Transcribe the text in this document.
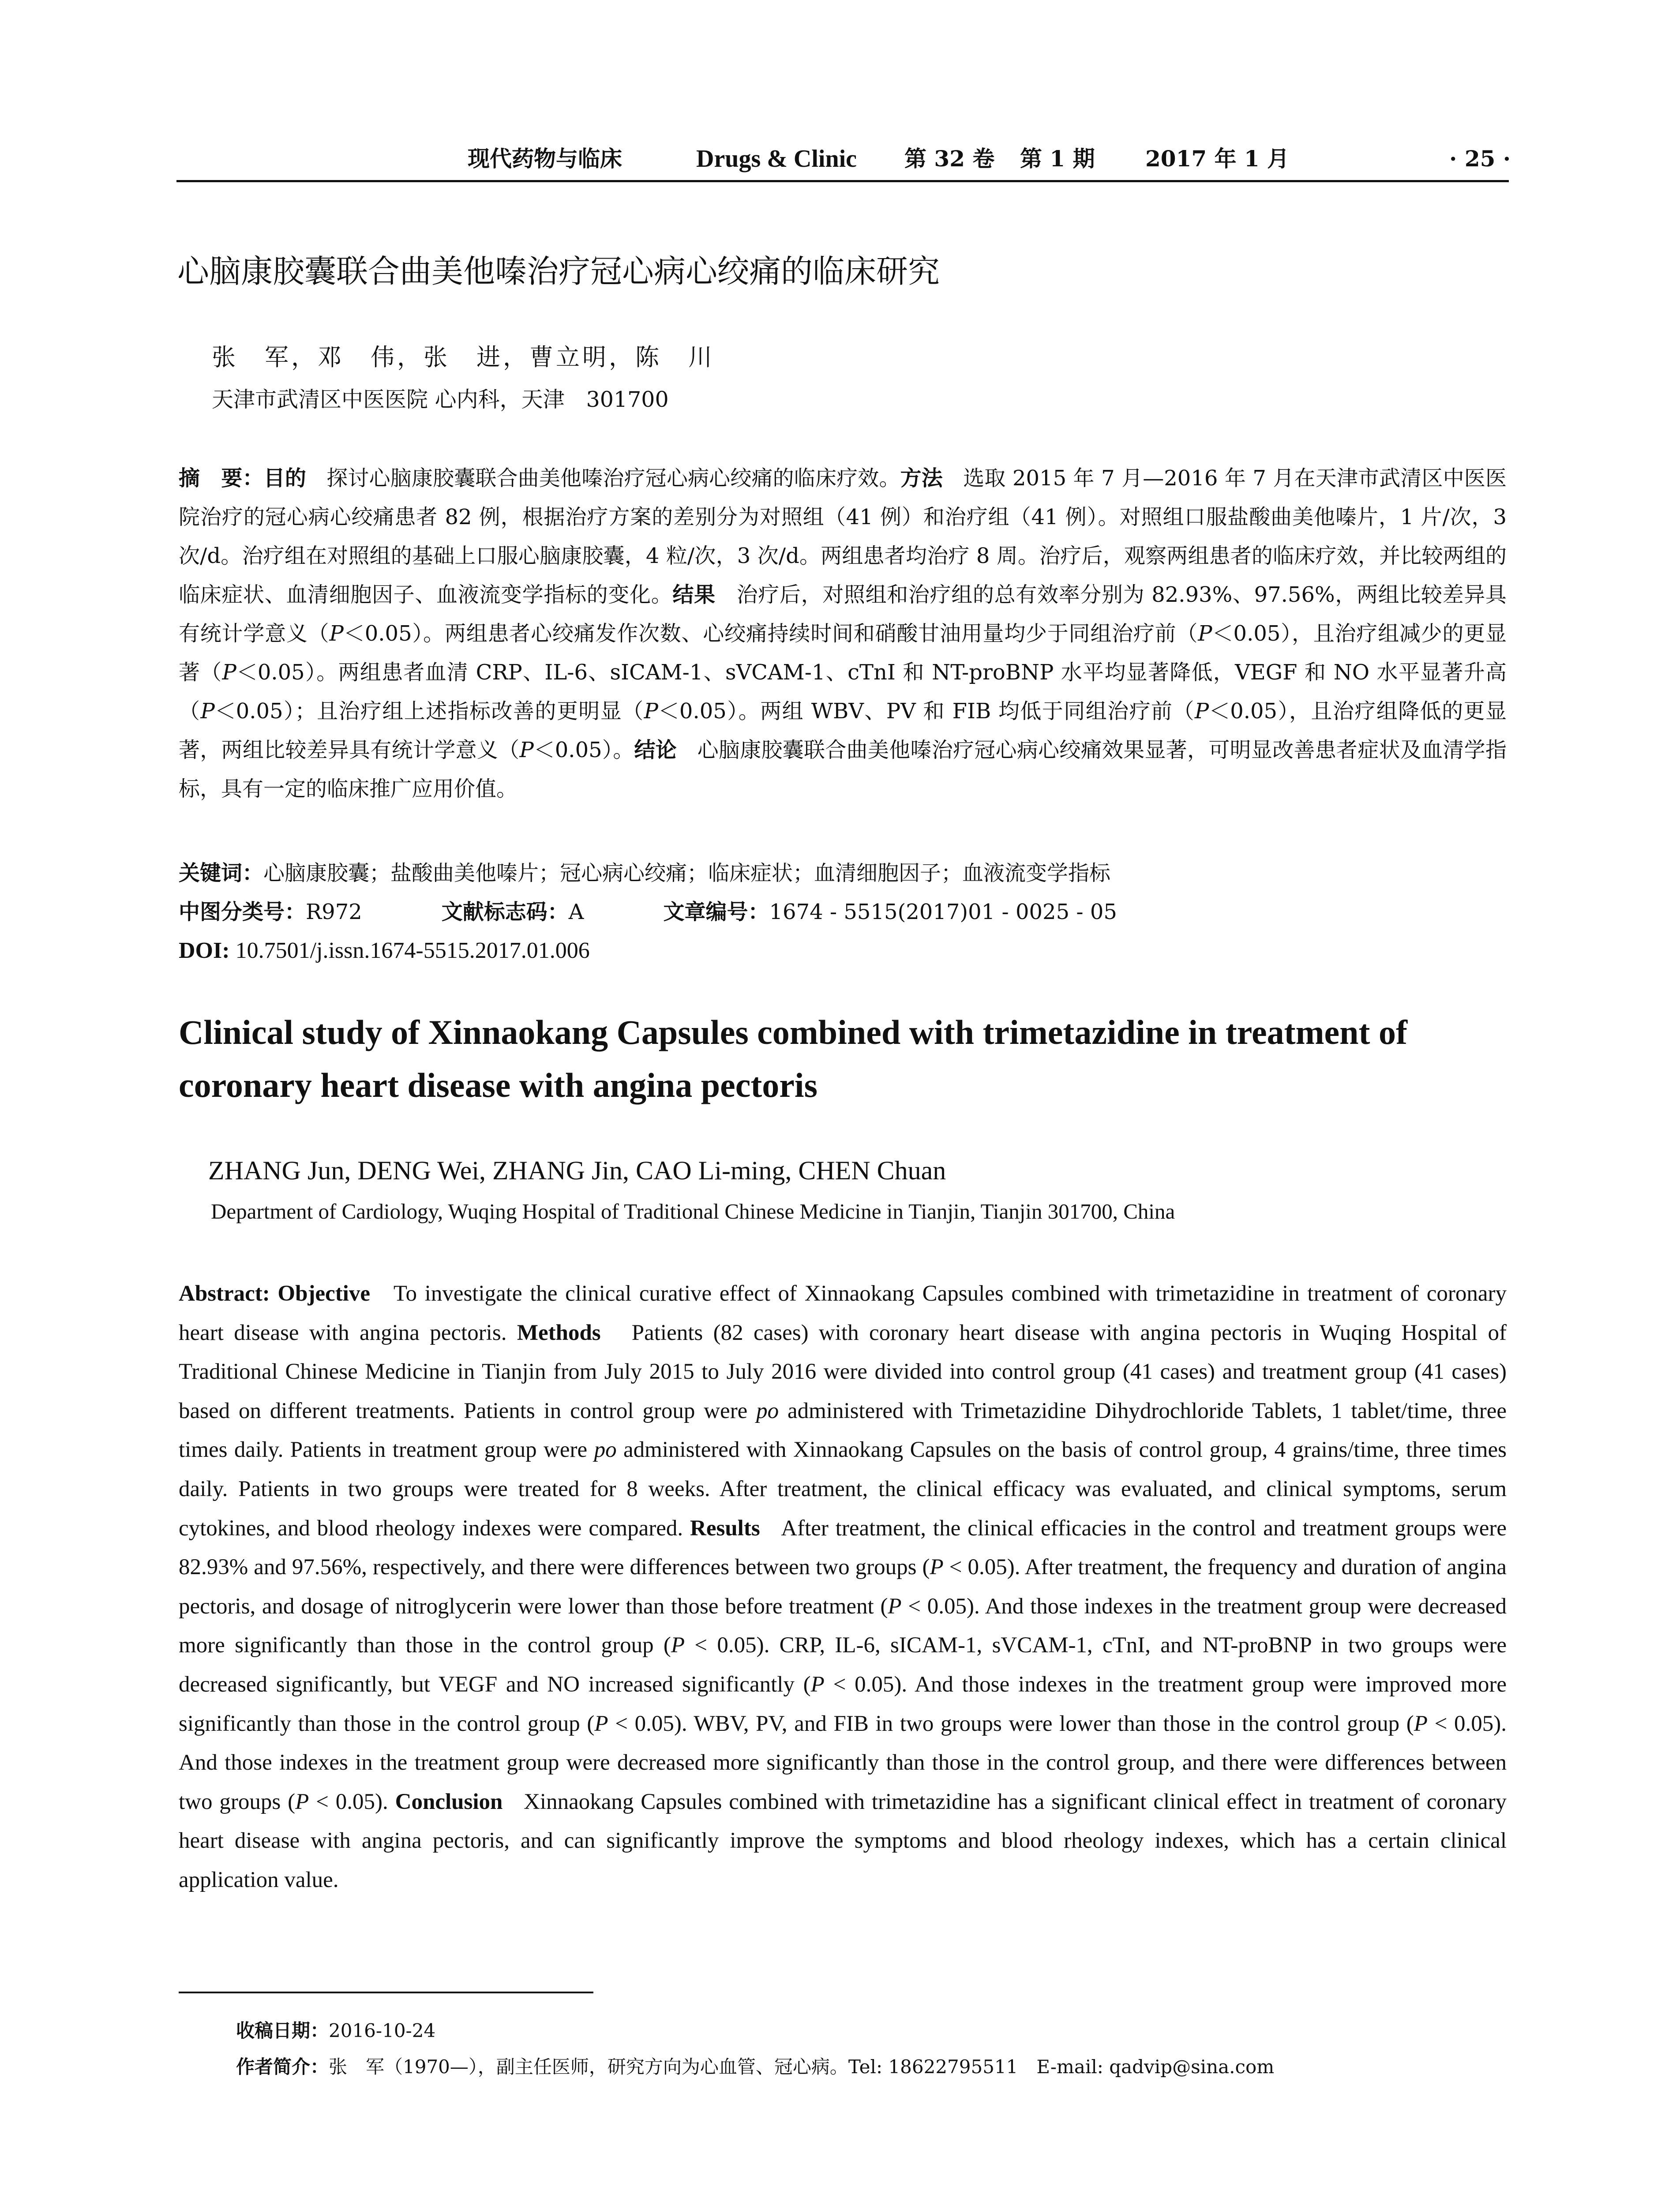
现代药物与临床	Drugs & Clinic 第 32 卷 第 1 期 2017 年 1 月	· 25 ·
心脑康胶囊联合曲美他嗪治疗冠心病心绞痛的临床研究
张　军，邓　伟，张　进，曹立明，陈　川
天津市武清区中医医院 心内科，天津　301700
摘　要：目的 探讨心脑康胶囊联合曲美他嗪治疗冠心病心绞痛的临床疗效。方法 选取 2015 年 7 月—2016 年 7 月在天津市武清区中医医院治疗的冠心病心绞痛患者 82 例，根据治疗方案的差别分为对照组（41 例）和治疗组（41 例）。对照组口服盐酸曲美他嗪片，1 片/次，3 次/d。治疗组在对照组的基础上口服心脑康胶囊，4 粒/次，3 次/d。两组患者均治疗 8 周。治疗后，观察两组患者的临床疗效，并比较两组的临床症状、血清细胞因子、血液流变学指标的变化。结果 治疗后，对照组和治疗组的总有效率分别为 82.93%、97.56%，两组比较差异具有统计学意义（P＜0.05）。两组患者心绞痛发作次数、心绞痛持续时间和硝酸甘油用量均少于同组治疗前（P＜0.05），且治疗组减少的更显著（P＜0.05）。两组患者血清 CRP、IL-6、sICAM-1、sVCAM-1、cTnI 和 NT-proBNP 水平均显著降低，VEGF 和 NO 水平显著升高（P＜0.05）；且治疗组上述指标改善的更明显（P＜0.05）。两组 WBV、PV 和 FIB 均低于同组治疗前（P＜0.05），且治疗组降低的更显著，两组比较差异具有统计学意义（P＜0.05）。结论 心脑康胶囊联合曲美他嗪治疗冠心病心绞痛效果显著，可明显改善患者症状及血清学指标，具有一定的临床推广应用价值。
关键词：心脑康胶囊；盐酸曲美他嗪片；冠心病心绞痛；临床症状；血清细胞因子；血液流变学指标
中图分类号：R972	文献标志码：A	文章编号：1674 - 5515(2017)01 - 0025 - 05
DOI: 10.7501/j.issn.1674-5515.2017.01.006
Clinical study of Xinnaokang Capsules combined with trimetazidine in treatment of coronary heart disease with angina pectoris
ZHANG Jun, DENG Wei, ZHANG Jin, CAO Li-ming, CHEN Chuan
Department of Cardiology, Wuqing Hospital of Traditional Chinese Medicine in Tianjin, Tianjin 301700, China
Abstract: Objective To investigate the clinical curative effect of Xinnaokang Capsules combined with trimetazidine in treatment of coronary heart disease with angina pectoris. Methods Patients (82 cases) with coronary heart disease with angina pectoris in Wuqing Hospital of Traditional Chinese Medicine in Tianjin from July 2015 to July 2016 were divided into control group (41 cases) and treatment group (41 cases) based on different treatments. Patients in control group were po administered with Trimetazidine Dihydrochloride Tablets, 1 tablet/time, three times daily. Patients in treatment group were po administered with Xinnaokang Capsules on the basis of control group, 4 grains/time, three times daily. Patients in two groups were treated for 8 weeks. After treatment, the clinical efficacy was evaluated, and clinical symptoms, serum cytokines, and blood rheology indexes were compared. Results After treatment, the clinical efficacies in the control and treatment groups were 82.93% and 97.56%, respectively, and there were differences between two groups (P < 0.05). After treatment, the frequency and duration of angina pectoris, and dosage of nitroglycerin were lower than those before treatment (P < 0.05). And those indexes in the treatment group were decreased more significantly than those in the control group (P < 0.05). CRP, IL-6, sICAM-1, sVCAM-1, cTnI, and NT-proBNP in two groups were decreased significantly, but VEGF and NO increased significantly (P < 0.05). And those indexes in the treatment group were improved more significantly than those in the control group (P < 0.05). WBV, PV, and FIB in two groups were lower than those in the control group (P < 0.05). And those indexes in the treatment group were decreased more significantly than those in the control group, and there were differences between two groups (P < 0.05). Conclusion Xinnaokang Capsules combined with trimetazidine has a significant clinical effect in treatment of coronary heart disease with angina pectoris, and can significantly improve the symptoms and blood rheology indexes, which has a certain clinical application value.
收稿日期：2016-10-24
作者简介：张　军（1970—），副主任医师，研究方向为心血管、冠心病。Tel: 18622795511　E-mail: qadvip@sina.com
